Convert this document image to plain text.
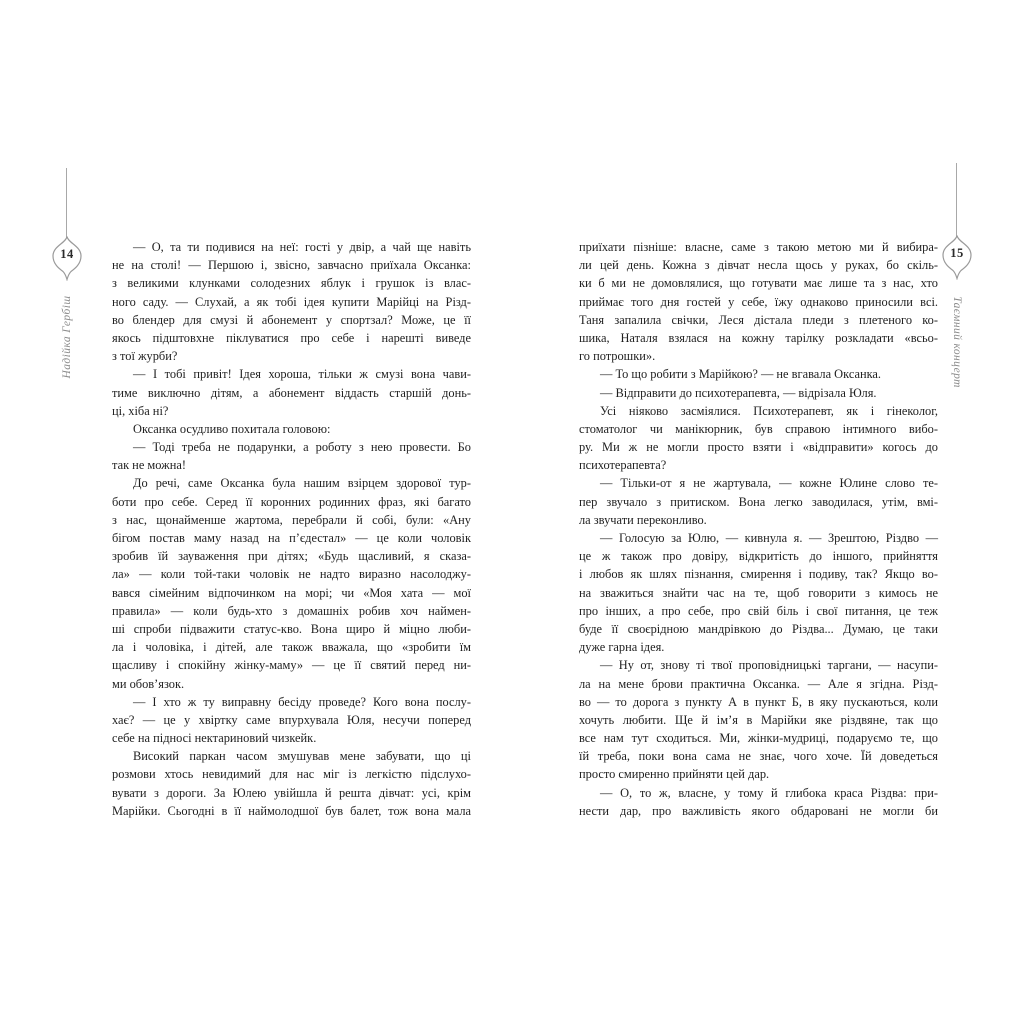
14
Надійка Гербіш
15
Таємний концерт
— О, та ти подивися на неї: гості у двір, а чай ще навіть
не на столі! — Першою і, звісно, завчасно приїхала Оксанка:
з великими клунками солодезних яблук і грушок із влас-
ного саду. — Слухай, а як тобі ідея купити Марійці на Різд-
во блендер для смузі й абонемент у спортзал? Може, це її
якось підштовхне піклуватися про себе і нарешті виведе
з тої журби?
— І тобі привіт! Ідея хороша, тільки ж смузі вона чави-
тиме виключно дітям, а абонемент віддасть старшій донь-
ці, хіба ні?
Оксанка осудливо похитала головою:
— Тоді треба не подарунки, а роботу з нею провести. Бо
так не можна!
До речі, саме Оксанка була нашим взірцем здорової тур-
боти про себе. Серед її коронних родинних фраз, які багато
з нас, щонайменше жартома, перебрали й собі, були: «Ану
бігом постав маму назад на п’єдестал» — це коли чоловік
зробив їй зауваження при дітях; «Будь щасливий, я сказа-
ла» — коли той-таки чоловік не надто виразно насолоджу-
вався сімейним відпочинком на морі; чи «Моя хата — мої
правила» — коли будь-хто з домашніх робив хоч наймен-
ші спроби підважити статус-кво. Вона щиро й міцно люби-
ла і чоловіка, і дітей, але також вважала, що «зробити їм
щасливу і спокійну жінку-маму» — це її святий перед ни-
ми обов’язок.
— І хто ж ту виправну бесіду проведе? Кого вона послу-
хає? — це у хвіртку саме впурхувала Юля, несучи поперед
себе на підносі нектариновий чизкейк.
Високий паркан часом змушував мене забувати, що ці
розмови хтось невидимий для нас міг із легкістю підслухо-
вувати з дороги. За Юлею увійшла й решта дівчат: усі, крім
Марійки. Сьогодні в її наймолодшої був балет, тож вона мала
приїхати пізніше: власне, саме з такою метою ми й вибира-
ли цей день. Кожна з дівчат несла щось у руках, бо скіль-
ки б ми не домовлялися, що готувати має лише та з нас, хто
приймає того дня гостей у себе, їжу однаково приносили всі.
Таня запалила свічки, Леся дістала пледи з плетеного ко-
шика, Наталя взялася на кожну тарілку розкладати «всьо-
го потрошки».
— То що робити з Марійкою? — не вгавала Оксанка.
— Відправити до психотерапевта, — відрізала Юля.
Усі ніяково засміялися. Психотерапевт, як і гінеколог,
стоматолог чи манікюрник, був справою інтимного вибо-
ру. Ми ж не могли просто взяти і «відправити» когось до
психотерапевта?
— Тільки-от я не жартувала, — кожне Юлине слово те-
пер звучало з притиском. Вона легко заводилася, утім, вмі-
ла звучати переконливо.
— Голосую за Юлю, — кивнула я. — Зрештою, Різдво —
це ж також про довіру, відкритість до іншого, прийняття
і любов як шлях пізнання, смирення і подиву, так? Якщо во-
на зважиться знайти час на те, щоб говорити з кимось не
про інших, а про себе, про свій біль і свої питання, це теж
буде її своєрідною мандрівкою до Різдва... Думаю, це таки
дуже гарна ідея.
— Ну от, знову ті твої проповідницькі таргани, — насупи-
ла на мене брови практична Оксанка. — Але я згідна. Різд-
во — то дорога з пункту А в пункт Б, в яку пускаються, коли
хочуть любити. Ще й ім’я в Марійки яке різдвяне, так що
все нам тут сходиться. Ми, жінки-мудриці, подаруємо те, що
їй треба, поки вона сама не знає, чого хоче. Їй доведеться
просто смиренно прийняти цей дар.
— О, то ж, власне, у тому й глибока краса Різдва: при-
нести дар, про важливість якого обдаровані не могли би
